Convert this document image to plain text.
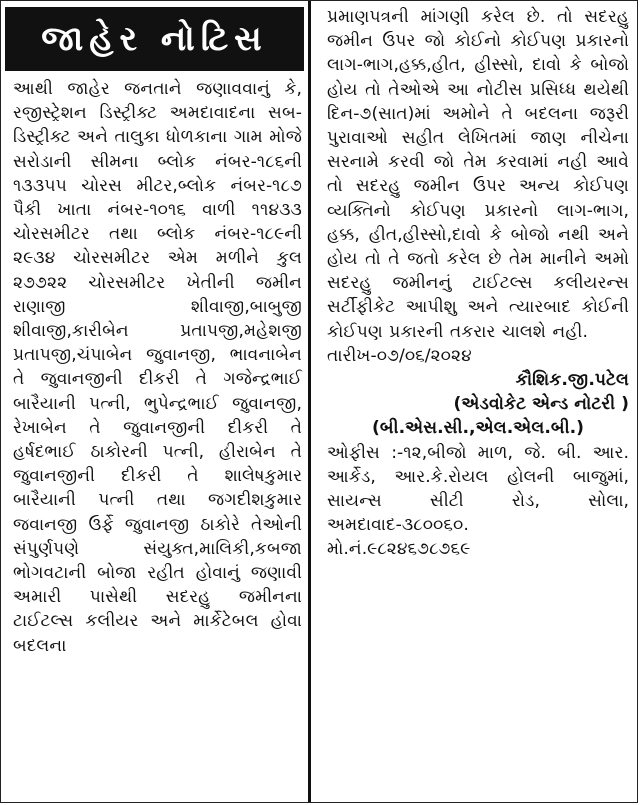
જાહેર નોટિસ
આથી જાહેર જનતાને જણાવવાનું કે, રજીસ્ટ્રેશન ડિસ્ટ્રીક્ટ અમદાવાદના સબ-ડિસ્ટ્રીક્ટ અને તાલુકા ધોળકાના ગામ મોજે સરોડાની સીમના બ્લોક નંબર-૧૮૬ની ૧૩૩૫૫ ચોરસ મીટર,બ્લોક નંબર-૧૮૭ પૈકી ખાતા નંબર-૧૦૧૬ વાળી ૧૧૪૩૩ ચોરસમીટર તથા બ્લોક નંબર-૧૮૯ની ૨૯૩૪ ચોરસમીટર એમ મળીને કુલ ૨૭૭૨૨ ચોરસમીટર ખેતીની જમીન રાણાજી શીવાજી,બાબુજી શીવાજી,કારીબેન પ્રતાપજી,મહેશજી પ્રતાપજી,ચંપાબેન જુવાનજી, ભાવનાબેન તે જુવાનજીની દીકરી તે ગજેન્દ્રભાઈ બારૈયાની પત્ની, ભુપેન્દ્રભાઈ જુવાનજી, રેખાબેન તે જુવાનજીની દીકરી તે હર્ષદભાઈ ઠાકોરની પત્ની, હીરાબેન તે જુવાનજીની દીકરી તે શાલેષકુમાર બારૈયાની પત્ની તથા જગદીશકુમાર જવાનજી ઉર્ફે જુવાનજી ઠાકોરે તેઓની સંપુર્ણપણે સંયુક્ત,માલિકી,કબજા ભોગવટાની બોજા રહીત હોવાનું જણાવી અમારી પાસેથી સદરહુ જમીનના ટાઈટલ્સ કલીયર અને માર્કેટેબલ હોવા બદલના
પ્રમાણપત્રની માંગણી કરેલ છે. તો સદરહુ જમીન ઉપર જો કોઈનો કોઈપણ પ્રકારનો લાગ-ભાગ,હક્ક,હીત, હીસ્સો, દાવો કે બોજો હોય તો તેઓએ આ નોટીસ પ્રસિધ્ધ થયેથી દિન-૭(સાત)માં અમોને તે બદલના જરૂરી પુરાવાઓ સહીત લેખિતમાં જાણ નીચેના સરનામે કરવી જો તેમ કરવામાં નહી આવે તો સદરહુ જમીન ઉપર અન્ય કોઈપણ વ્યક્તિનો કોઈપણ પ્રકારનો લાગ-ભાગ, હક્ક, હીત,હીસ્સો,દાવો કે બોજો નથી અને હોય તો તે જતો કરેલ છે તેમ માનીને અમો સદરહુ જમીનનું ટાઈટલ્સ કલીયરન્સ સર્ટીફીકેટ આપીશુ અને ત્યારબાદ કોઈની કોઈપણ પ્રકારની તકરાર ચાલશે નહી.
તારીખ-૦૭/૦૬/૨૦૨૪
કૌશિક.જી.પટેલ
(એડવોકેટ એન્ડ નોટરી )
(બી.એસ.સી.,એલ.એલ.બી.)
ઓફીસ :-૧૨,બીજો માળ, જે. બી. આર. આર્કેડ, આર.કે.રોયલ હોલની બાજુમાં, સાયન્સ સીટી રોડ, સોલા, અમદાવાદ-૩૮૦૦૬૦.
મો.નં.૯૮૨૪૬૭૮૭૬૯
